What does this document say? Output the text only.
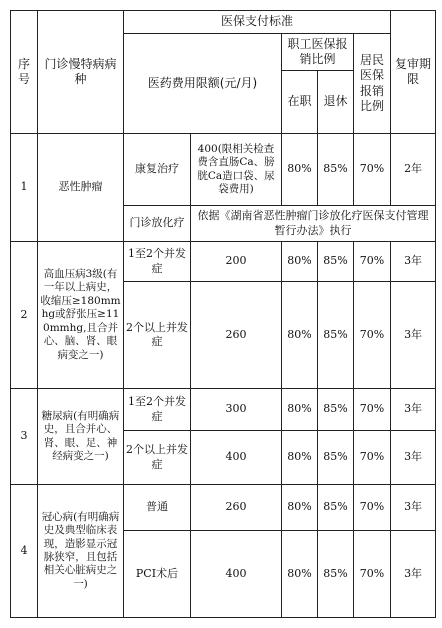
序号	门诊慢特病病种	医保支付标准					复审期限
		医药费用限额(元/月)		职工医保报销比例		居民医保报销比例	
				在职	退休		
1	恶性肿瘤	康复治疗	400(限相关检查费含直肠Ca、膀胱Ca造口袋、尿袋费用)	80%	85%	70%	2年
		门诊放化疗	依据《湖南省恶性肿瘤门诊放化疗医保支付管理暂行办法》执行				
2	高血压病3级(有一年以上病史，收缩压≥180mmhg或舒张压≥110mmhg,且合并心、脑、肾、眼病变之一)	1至2个并发症	200	80%	85%	70%	3年
		2个以上并发症	260	80%	85%	70%	3年
3	糖尿病(有明确病史，且合并心、肾、眼、足、神经病变之一)	1至2个并发症	300	80%	85%	70%	3年
		2个以上并发症	400	80%	85%	70%	3年
4	冠心病(有明确病史及典型临床表现，造影显示冠脉狭窄，且包括相关心脏病史之一)	普通	260	80%	85%	70%	3年
		PCI术后	400	80%	85%	70%	3年
